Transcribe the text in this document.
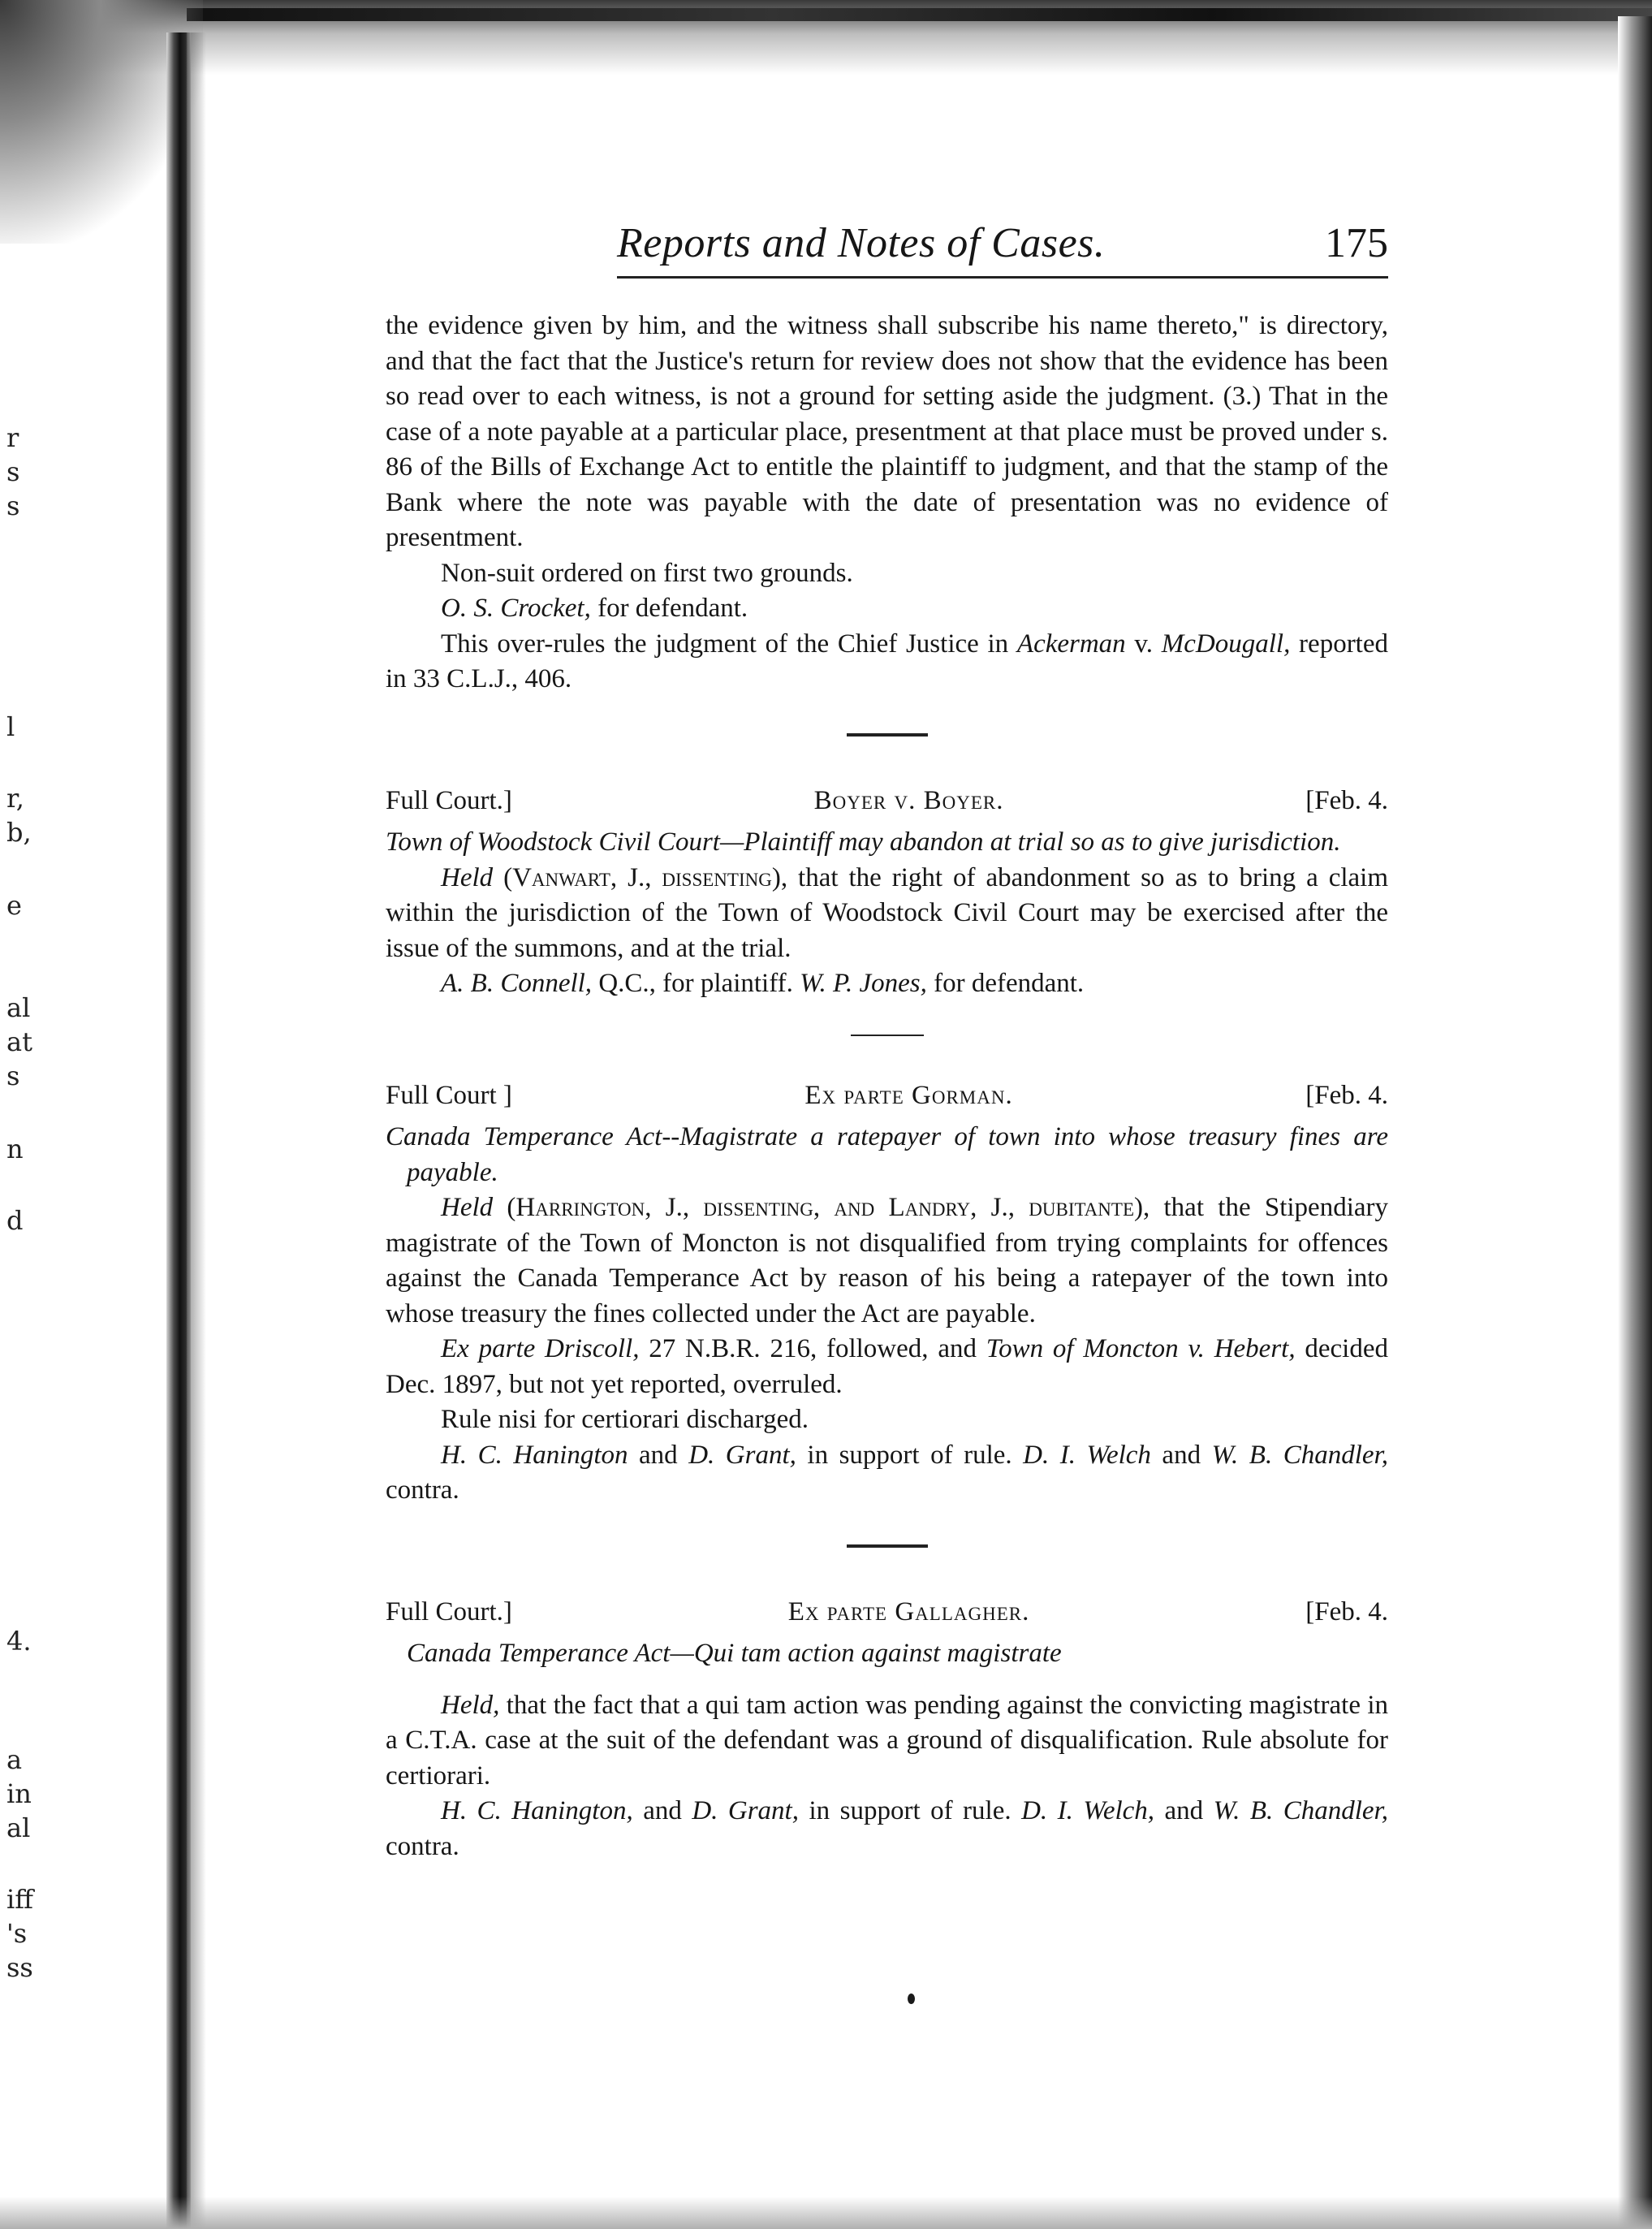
r
s
s
l
r,
b,
e
al
at
s
n
d
4.
a
in
al
iff
's
ss
Reports and Notes of Cases.	175

the evidence given by him, and the witness shall subscribe his name thereto," is directory, and that the fact that the Justice's return for review does not show that the evidence has been so read over to each witness, is not a ground for setting aside the judgment. (3.) That in the case of a note payable at a particular place, presentment at that place must be proved under s. 86 of the Bills of Exchange Act to entitle the plaintiff to judgment, and that the stamp of the Bank where the note was payable with the date of presentation was no evidence of presentment.

Non-suit ordered on first two grounds.

O. S. Crocket, for defendant.

This over-rules the judgment of the Chief Justice in Ackerman v. McDougall, reported in 33 C.L.J., 406.

Full Court.]	Boyer v. Boyer.	[Feb. 4.

Town of Woodstock Civil Court—Plaintiff may abandon at trial so as to give jurisdiction.

Held (Vanwart, J., dissenting), that the right of abandonment so as to bring a claim within the jurisdiction of the Town of Woodstock Civil Court may be exercised after the issue of the summons, and at the trial.

A. B. Connell, Q.C., for plaintiff. W. P. Jones, for defendant.

Full Court ]	Ex parte Gorman.	[Feb. 4.

Canada Temperance Act--Magistrate a ratepayer of town into whose treasury fines are payable.

Held (Harrington, J., dissenting, and Landry, J., dubitante), that the Stipendiary magistrate of the Town of Moncton is not disqualified from trying complaints for offences against the Canada Temperance Act by reason of his being a ratepayer of the town into whose treasury the fines collected under the Act are payable.

Ex parte Driscoll, 27 N.B.R. 216, followed, and Town of Moncton v. Hebert, decided Dec. 1897, but not yet reported, overruled.

Rule nisi for certiorari discharged.

H. C. Hanington and D. Grant, in support of rule. D. I. Welch and W. B. Chandler, contra.

Full Court.]	Ex parte Gallagher.	[Feb. 4.

Canada Temperance Act—Qui tam action against magistrate

Held, that the fact that a qui tam action was pending against the convicting magistrate in a C.T.A. case at the suit of the defendant was a ground of disqualification. Rule absolute for certiorari.

H. C. Hanington, and D. Grant, in support of rule. D. I. Welch, and W. B. Chandler, contra.
